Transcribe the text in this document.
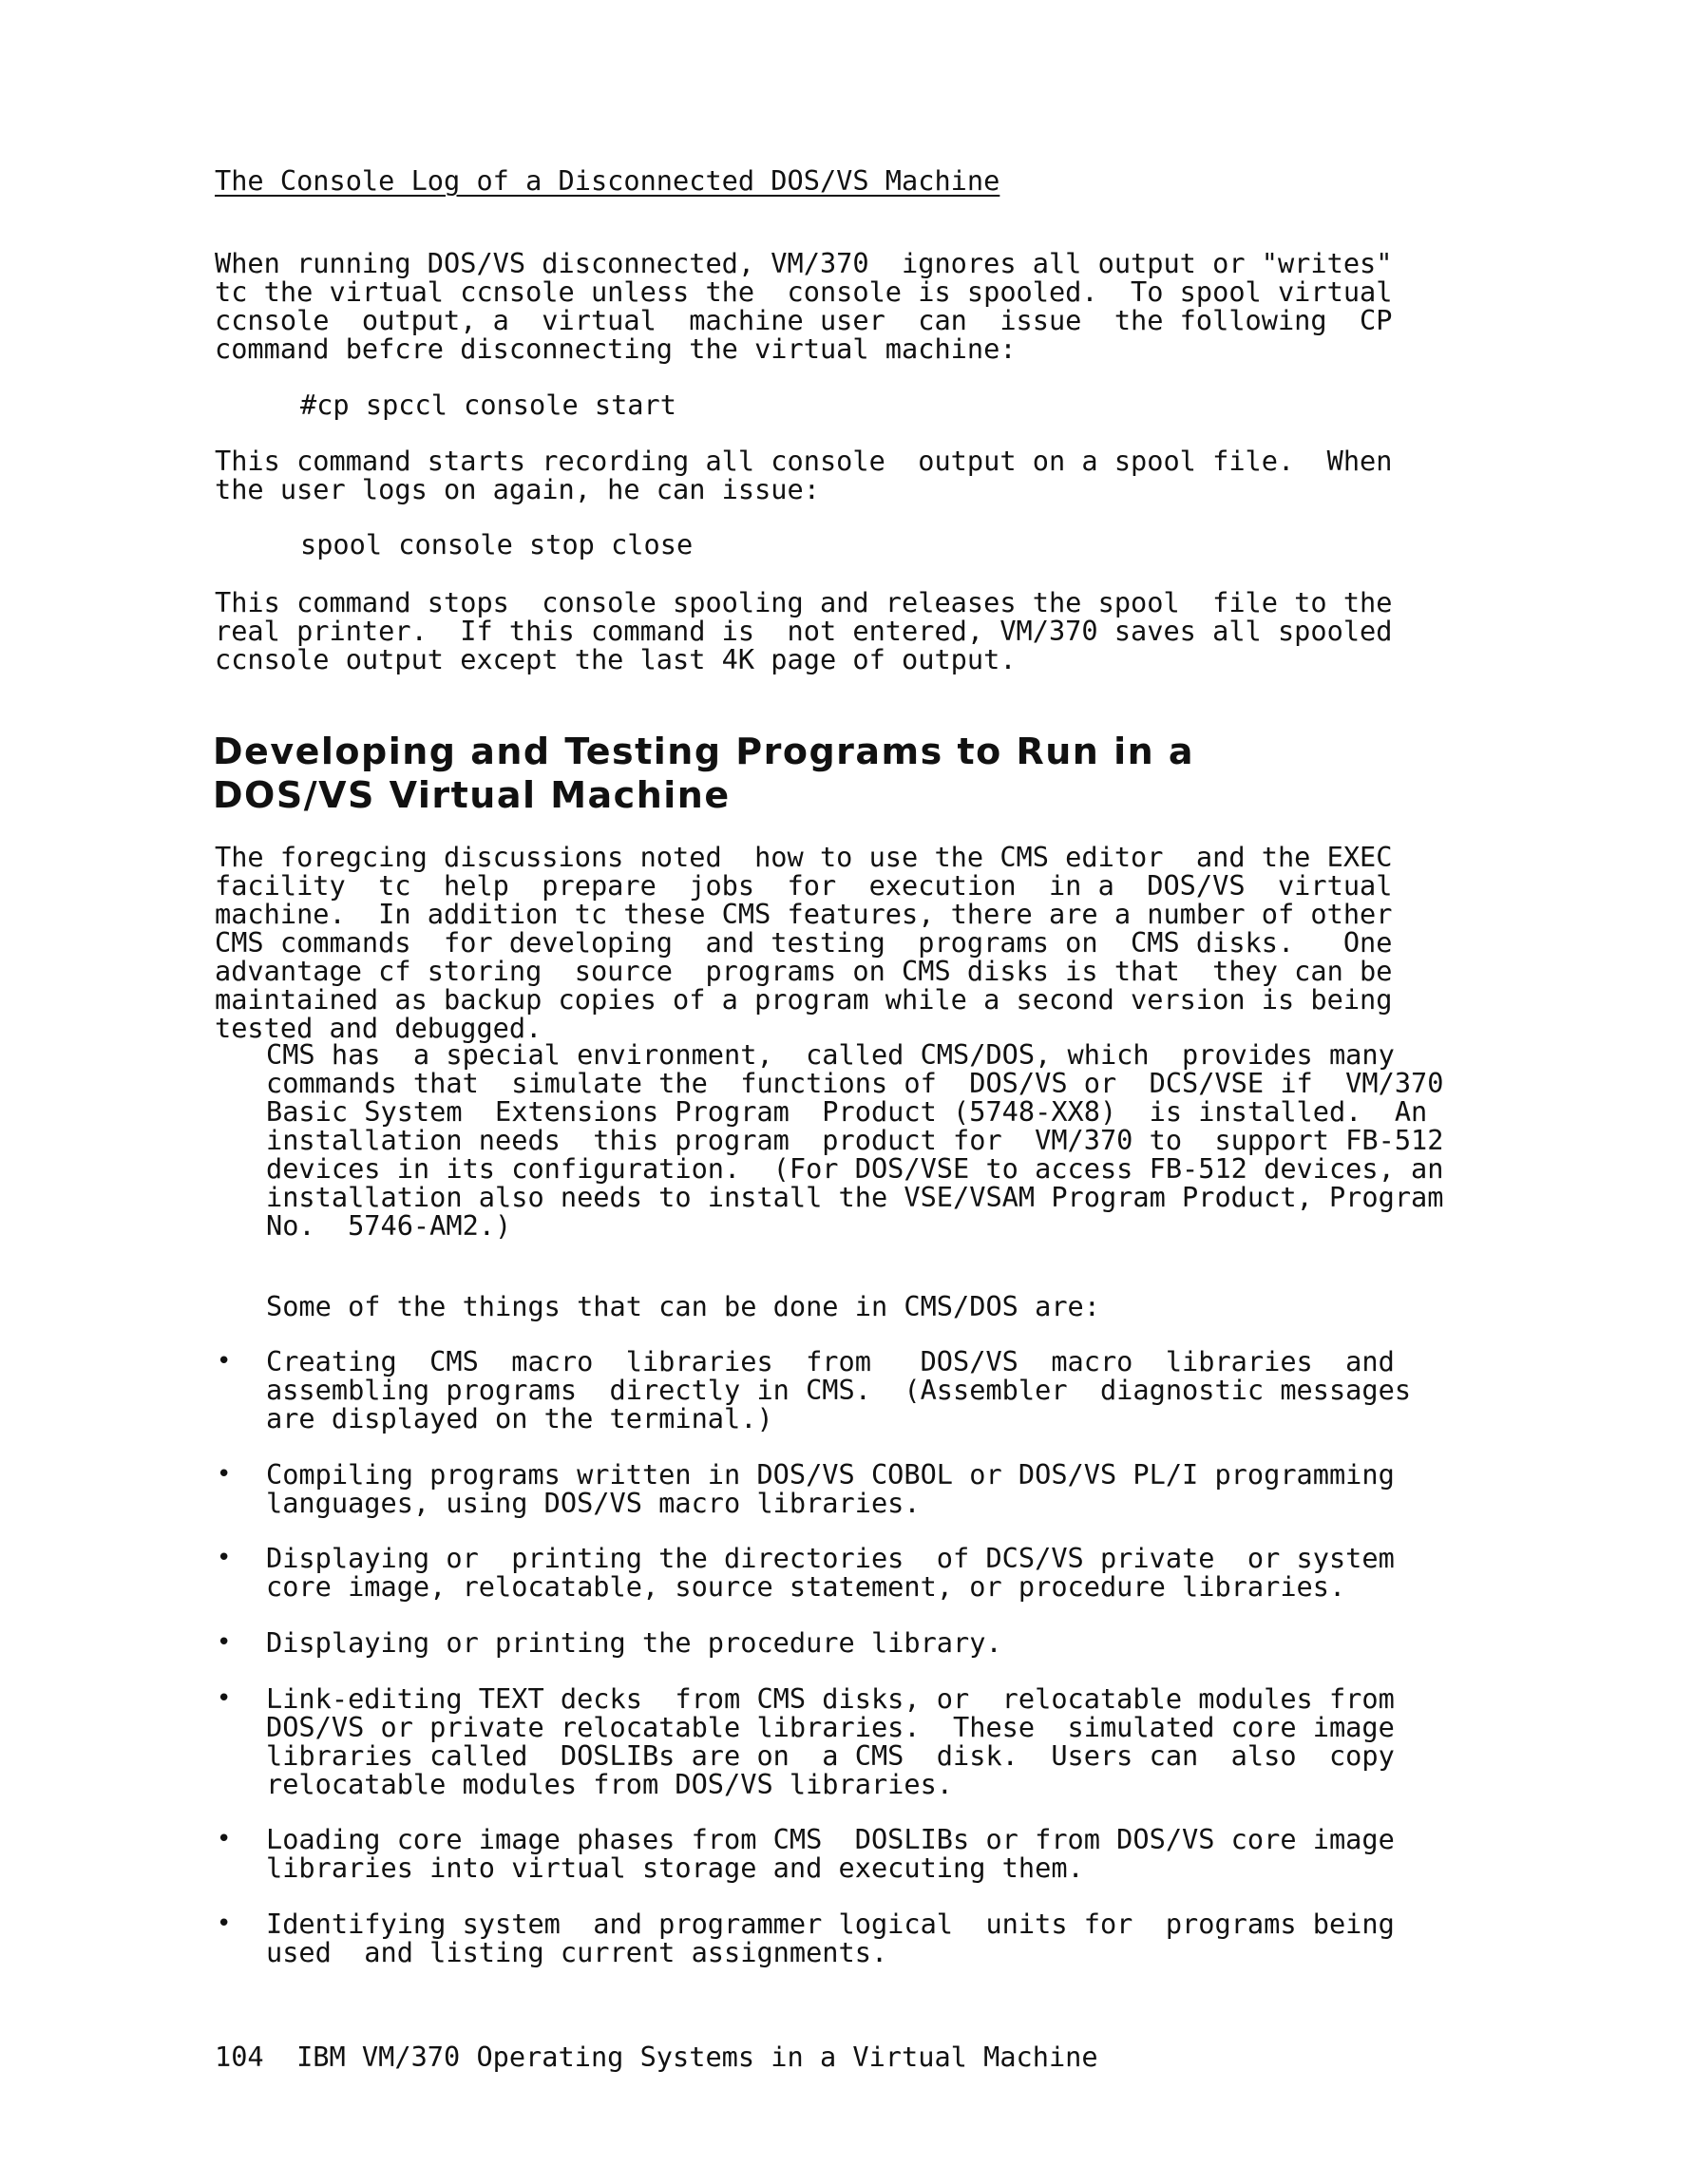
The Console Log of a Disconnected DOS/VS Machine
When running DOS/VS disconnected, VM/370  ignores all output or "writes"
tc the virtual ccnsole unless the  console is spooled.  To spool virtual
ccnsole  output, a  virtual  machine user  can  issue  the following  CP
command befcre disconnecting the virtual machine:
#cp spccl console start
This command starts recording all console  output on a spool file.  When
the user logs on again, he can issue:
spool console stop close
This command stops  console spooling and releases the spool  file to the
real printer.  If this command is  not entered, VM/370 saves all spooled
ccnsole output except the last 4K page of output.
Developing and Testing Programs to Run in a
DOS/VS Virtual Machine
The foregcing discussions noted  how to use the CMS editor  and the EXEC
facility  tc  help  prepare  jobs  for  execution  in a  DOS/VS  virtual
machine.  In addition tc these CMS features, there are a number of other
CMS commands  for developing  and testing  programs on  CMS disks.   One
advantage cf storing  source  programs on CMS disks is that  they can be
maintained as backup copies of a program while a second version is being
tested and debugged.
CMS has  a special environment,  called CMS/DOS, which  provides many
commands that  simulate the  functions of  DOS/VS or  DCS/VSE if  VM/370
Basic System  Extensions Program  Product (5748-XX8)  is installed.  An
installation needs  this program  product for  VM/370 to  support FB-512
devices in its configuration.  (For DOS/VSE to access FB-512 devices, an
installation also needs to install the VSE/VSAM Program Product, Program
No.  5746-AM2.)
Some of the things that can be done in CMS/DOS are:
• Creating  CMS  macro  libraries  from   DOS/VS  macro  libraries  and
assembling programs  directly in CMS.  (Assembler  diagnostic messages
are displayed on the terminal.)
• Compiling programs written in DOS/VS COBOL or DOS/VS PL/I programming
languages, using DOS/VS macro libraries.
• Displaying or  printing the directories  of DCS/VS private  or system
core image, relocatable, source statement, or procedure libraries.
• Displaying or printing the procedure library.
• Link-editing TEXT decks  from CMS disks, or  relocatable modules from
DOS/VS or private relocatable libraries.  These  simulated core image
libraries called  DOSLIBs are on  a CMS  disk.  Users can  also  copy
relocatable modules from DOS/VS libraries.
• Loading core image phases from CMS  DOSLIBs or from DOS/VS core image
libraries into virtual storage and executing them.
• Identifying system  and programmer logical  units for  programs being
used  and listing current assignments.
104  IBM VM/370 Operating Systems in a Virtual Machine
